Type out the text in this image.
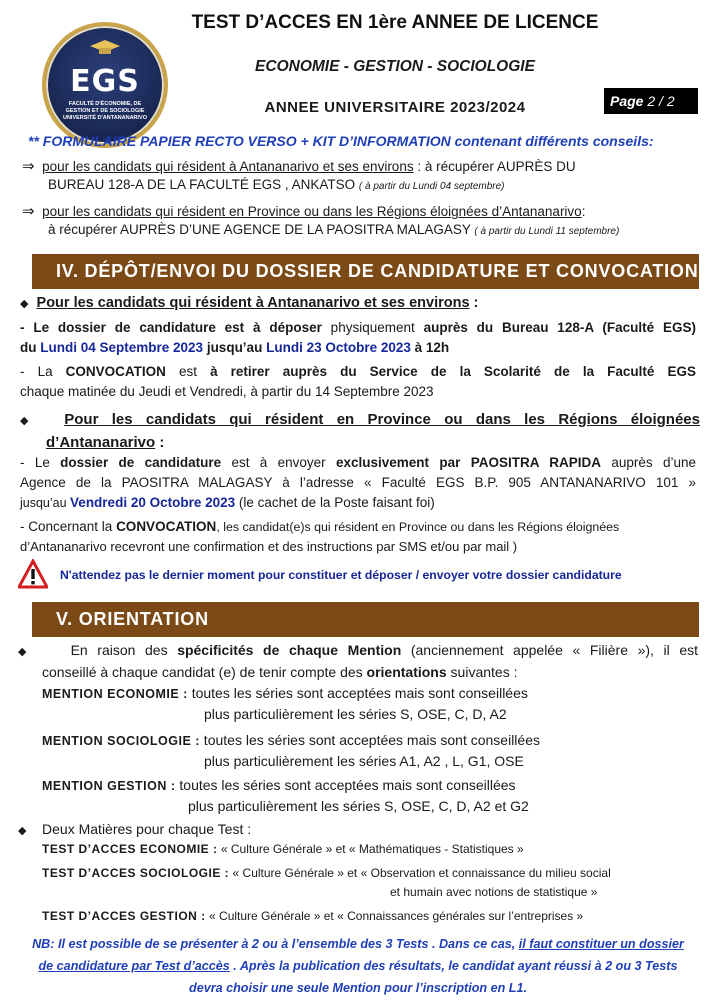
EGS
FACULTÉ D'ÉCONOMIE, DE GESTION ET DE SOCIOLOGIE UNIVERSITÉ D'ANTANANARIVO
TEST D’ACCES EN 1ère ANNEE DE LICENCE
ECONOMIE - GESTION - SOCIOLOGIE
ANNEE UNIVERSITAIRE 2023/2024	Page 2 / 2
** FORMULAIRE PAPIER RECTO VERSO + KIT D’INFORMATION contenant différents conseils:
⇒ pour les candidats qui résident à Antananarivo et ses environs : à récupérer AUPRÈS DU
BUREAU 128-A DE LA FACULTÉ EGS , ANKATSO ( à partir du Lundi 04 septembre)
⇒ pour les candidats qui résident en Province ou dans les Régions éloignées d’Antananarivo:
à récupérer AUPRÈS D’UNE AGENCE DE LA PAOSITRA MALAGASY ( à partir du Lundi 11 septembre)
IV. DÉPÔT/ENVOI DU DOSSIER DE CANDIDATURE ET CONVOCATION
◆ Pour les candidats qui résident à Antananarivo et ses environs :
- Le dossier de candidature est à déposer physiquement auprès du Bureau 128-A (Faculté EGS)
du Lundi 04 Septembre 2023 jusqu’au Lundi 23 Octobre 2023 à 12h
- La CONVOCATION est à retirer auprès du Service de la Scolarité de la Faculté EGS
chaque matinée du Jeudi et Vendredi, à partir du 14 Septembre 2023
◆ Pour les candidats qui résident en Province ou dans les Régions éloignées
d’Antananarivo :
- Le dossier de candidature est à envoyer exclusivement par PAOSITRA RAPIDA auprès d’une
Agence de la PAOSITRA MALAGASY à l’adresse « Faculté EGS B.P. 905 ANTANANARIVO 101 »
jusqu’au Vendredi 20 Octobre 2023 (le cachet de la Poste faisant foi)
- Concernant la CONVOCATION, les candidat(e)s qui résident en Province ou dans les Régions éloignées
d’Antananarivo recevront une confirmation et des instructions par SMS et/ou par mail )
N'attendez pas le dernier moment pour constituer et déposer / envoyer votre dossier candidature
V. ORIENTATION
◆	En raison des spécificités de chaque Mention (anciennement appelée « Filière »), il est
conseillé à chaque candidat (e) de tenir compte des orientations suivantes :
MENTION ECONOMIE : toutes les séries sont acceptées mais sont conseillées
plus particulièrement les séries S, OSE, C, D, A2
MENTION SOCIOLOGIE : toutes les séries sont acceptées mais sont conseillées
plus particulièrement les séries A1, A2 , L, G1, OSE
MENTION GESTION : toutes les séries sont acceptées mais sont conseillées
plus particulièrement les séries S, OSE, C, D, A2 et G2
◆ Deux Matières pour chaque Test :
TEST D’ACCES ECONOMIE : « Culture Générale » et « Mathématiques - Statistiques »
TEST D’ACCES SOCIOLOGIE : « Culture Générale » et « Observation et connaissance du milieu social
et humain avec notions de statistique »
TEST D’ACCES GESTION : « Culture Générale » et « Connaissances générales sur l’entreprises »
NB: Il est possible de se présenter à 2 ou à l’ensemble des 3 Tests . Dans ce cas, il faut constituer un dossier
de candidature par Test d’accès . Après la publication des résultats, le candidat ayant réussi à 2 ou 3 Tests
devra choisir une seule Mention pour l’inscription en L1.
